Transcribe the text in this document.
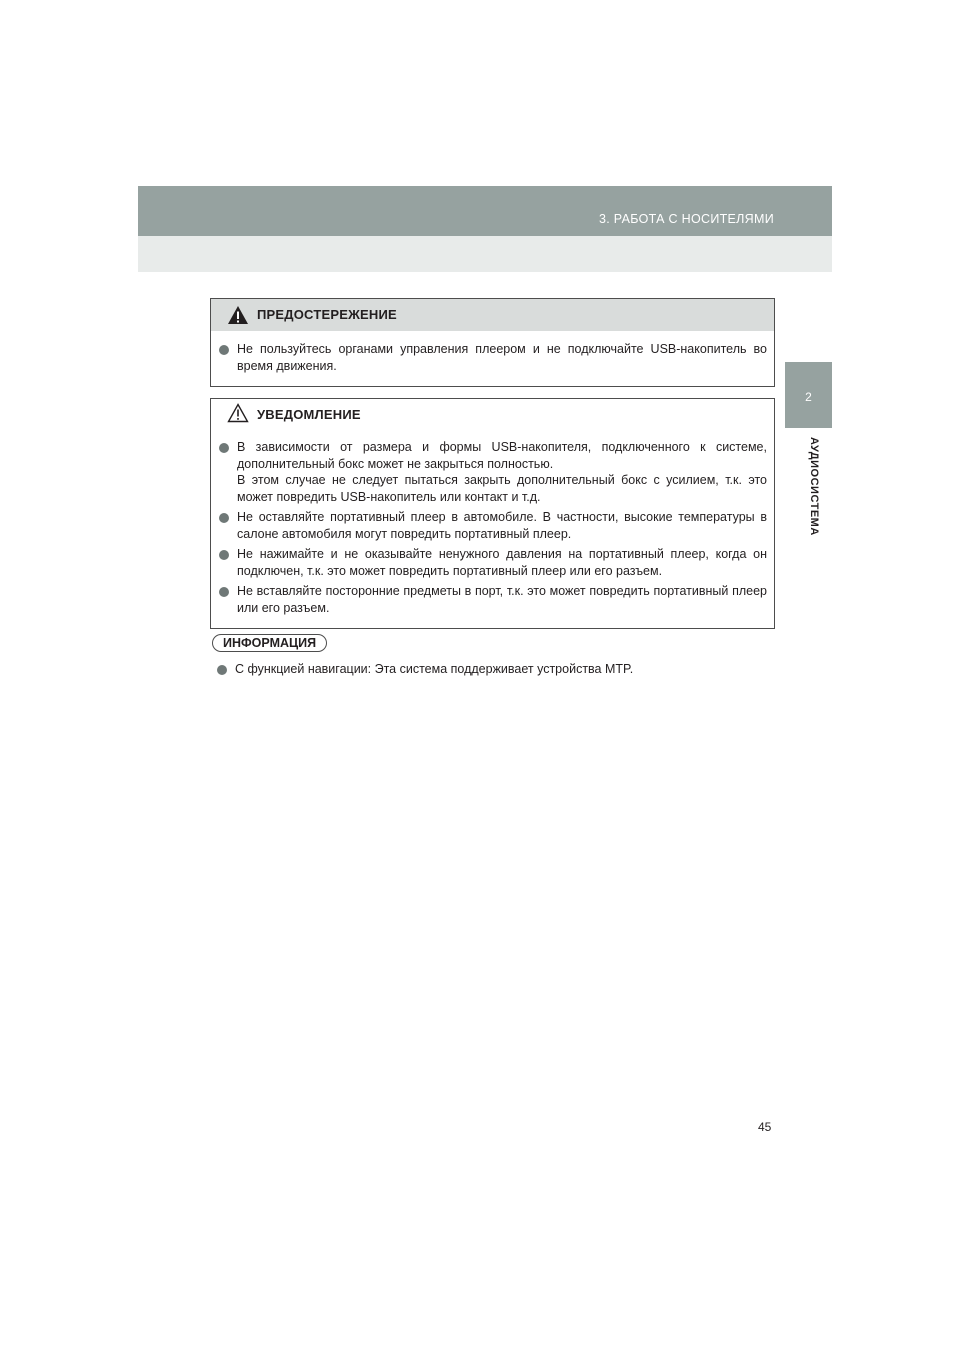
3. РАБОТА С НОСИТЕЛЯМИ
2
АУДИОСИСТЕМА
ПРЕДОСТЕРЕЖЕНИЕ

Не пользуйтесь органами управления плеером и не подключайте USB-накопитель во время движения.

УВЕДОМЛЕНИЕ

В зависимости от размера и формы USB-накопителя, подключенного к системе, дополнительный бокс может не закрыться полностью.

В этом случае не следует пытаться закрыть дополнительный бокс с усилием, т.к. это может повредить USB-накопитель или контакт и т.д.

Не оставляйте портативный плеер в автомобиле. В частности, высокие температуры в салоне автомобиля могут повредить портативный плеер.

Не нажимайте и не оказывайте ненужного давления на портативный плеер, когда он подключен, т.к. это может повредить портативный плеер или его разъем.

Не вставляйте посторонние предметы в порт, т.к. это может повредить портативный плеер или его разъем.

ИНФОРМАЦИЯ

С функцией навигации: Эта система поддерживает устройства MTP.

45
